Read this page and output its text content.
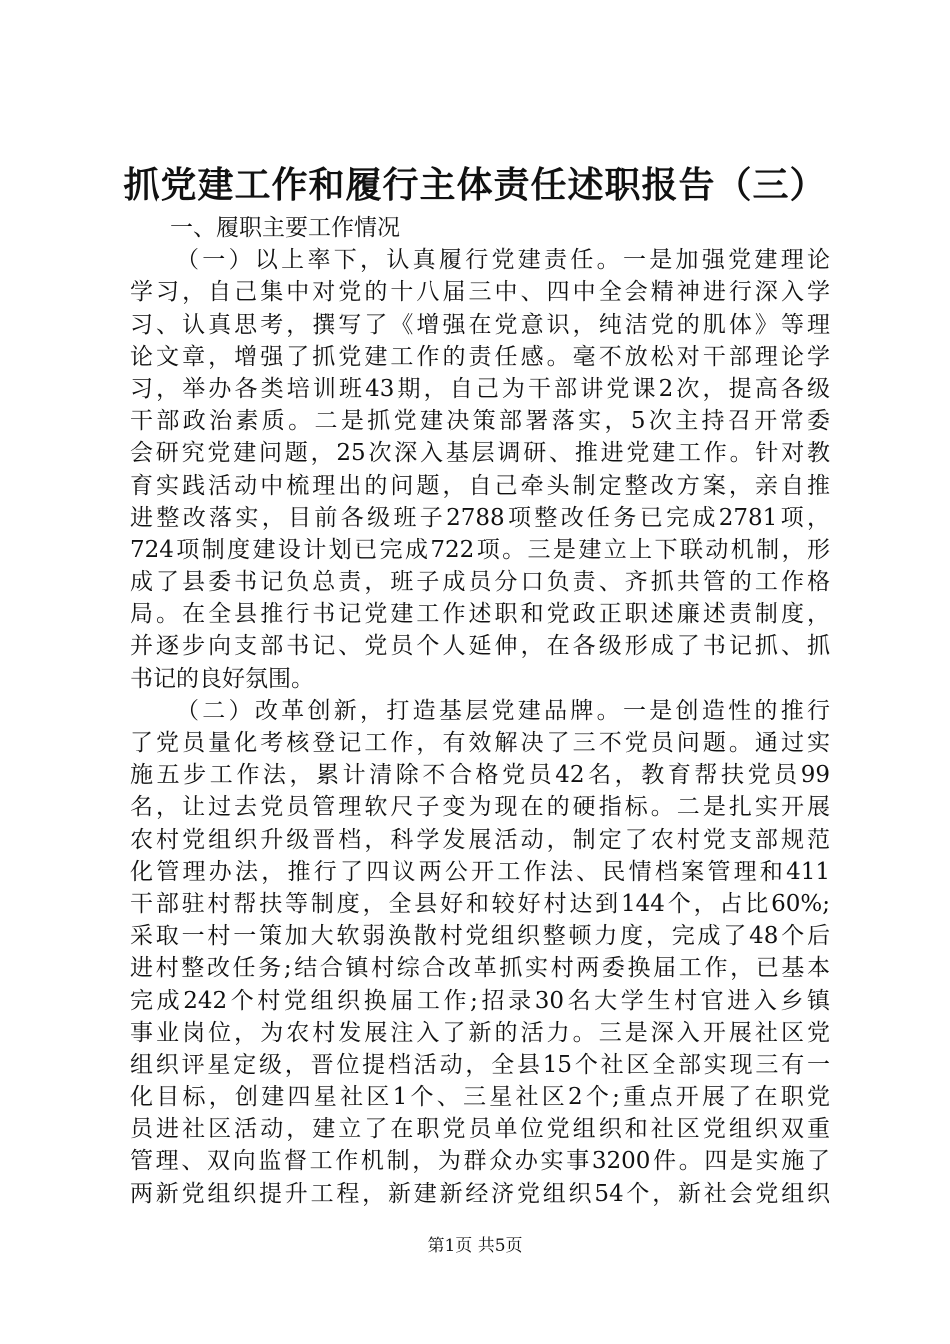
抓党建工作和履行主体责任述职报告（三）
一、履职主要工作情况
（一）以上率下，认真履行党建责任。一是加强党建理论
学习，自己集中对党的十八届三中、四中全会精神进行深入学
习、认真思考，撰写了《增强在党意识，纯洁党的肌体》等理
论文章，增强了抓党建工作的责任感。毫不放松对干部理论学
习，举办各类培训班43期，自己为干部讲党课2次，提高各级
干部政治素质。二是抓党建决策部署落实，5次主持召开常委
会研究党建问题，25次深入基层调研、推进党建工作。针对教
育实践活动中梳理出的问题，自己牵头制定整改方案，亲自推
进整改落实，目前各级班子2788项整改任务已完成2781项，
724项制度建设计划已完成722项。三是建立上下联动机制，形
成了县委书记负总责，班子成员分口负责、齐抓共管的工作格
局。在全县推行书记党建工作述职和党政正职述廉述责制度，
并逐步向支部书记、党员个人延伸，在各级形成了书记抓、抓
书记的良好氛围。
（二）改革创新，打造基层党建品牌。一是创造性的推行
了党员量化考核登记工作，有效解决了三不党员问题。通过实
施五步工作法，累计清除不合格党员42名，教育帮扶党员99
名，让过去党员管理软尺子变为现在的硬指标。二是扎实开展
农村党组织升级晋档，科学发展活动，制定了农村党支部规范
化管理办法，推行了四议两公开工作法、民情档案管理和411
干部驻村帮扶等制度，全县好和较好村达到144个，占比60%;
采取一村一策加大软弱涣散村党组织整顿力度，完成了48个后
进村整改任务;结合镇村综合改革抓实村两委换届工作，已基本
完成242个村党组织换届工作;招录30名大学生村官进入乡镇
事业岗位，为农村发展注入了新的活力。三是深入开展社区党
组织评星定级，晋位提档活动，全县15个社区全部实现三有一
化目标，创建四星社区1个、三星社区2个;重点开展了在职党
员进社区活动，建立了在职党员单位党组织和社区党组织双重
管理、双向监督工作机制，为群众办实事3200件。四是实施了
两新党组织提升工程，新建新经济党组织54个，新社会党组织
第1页 共5页
